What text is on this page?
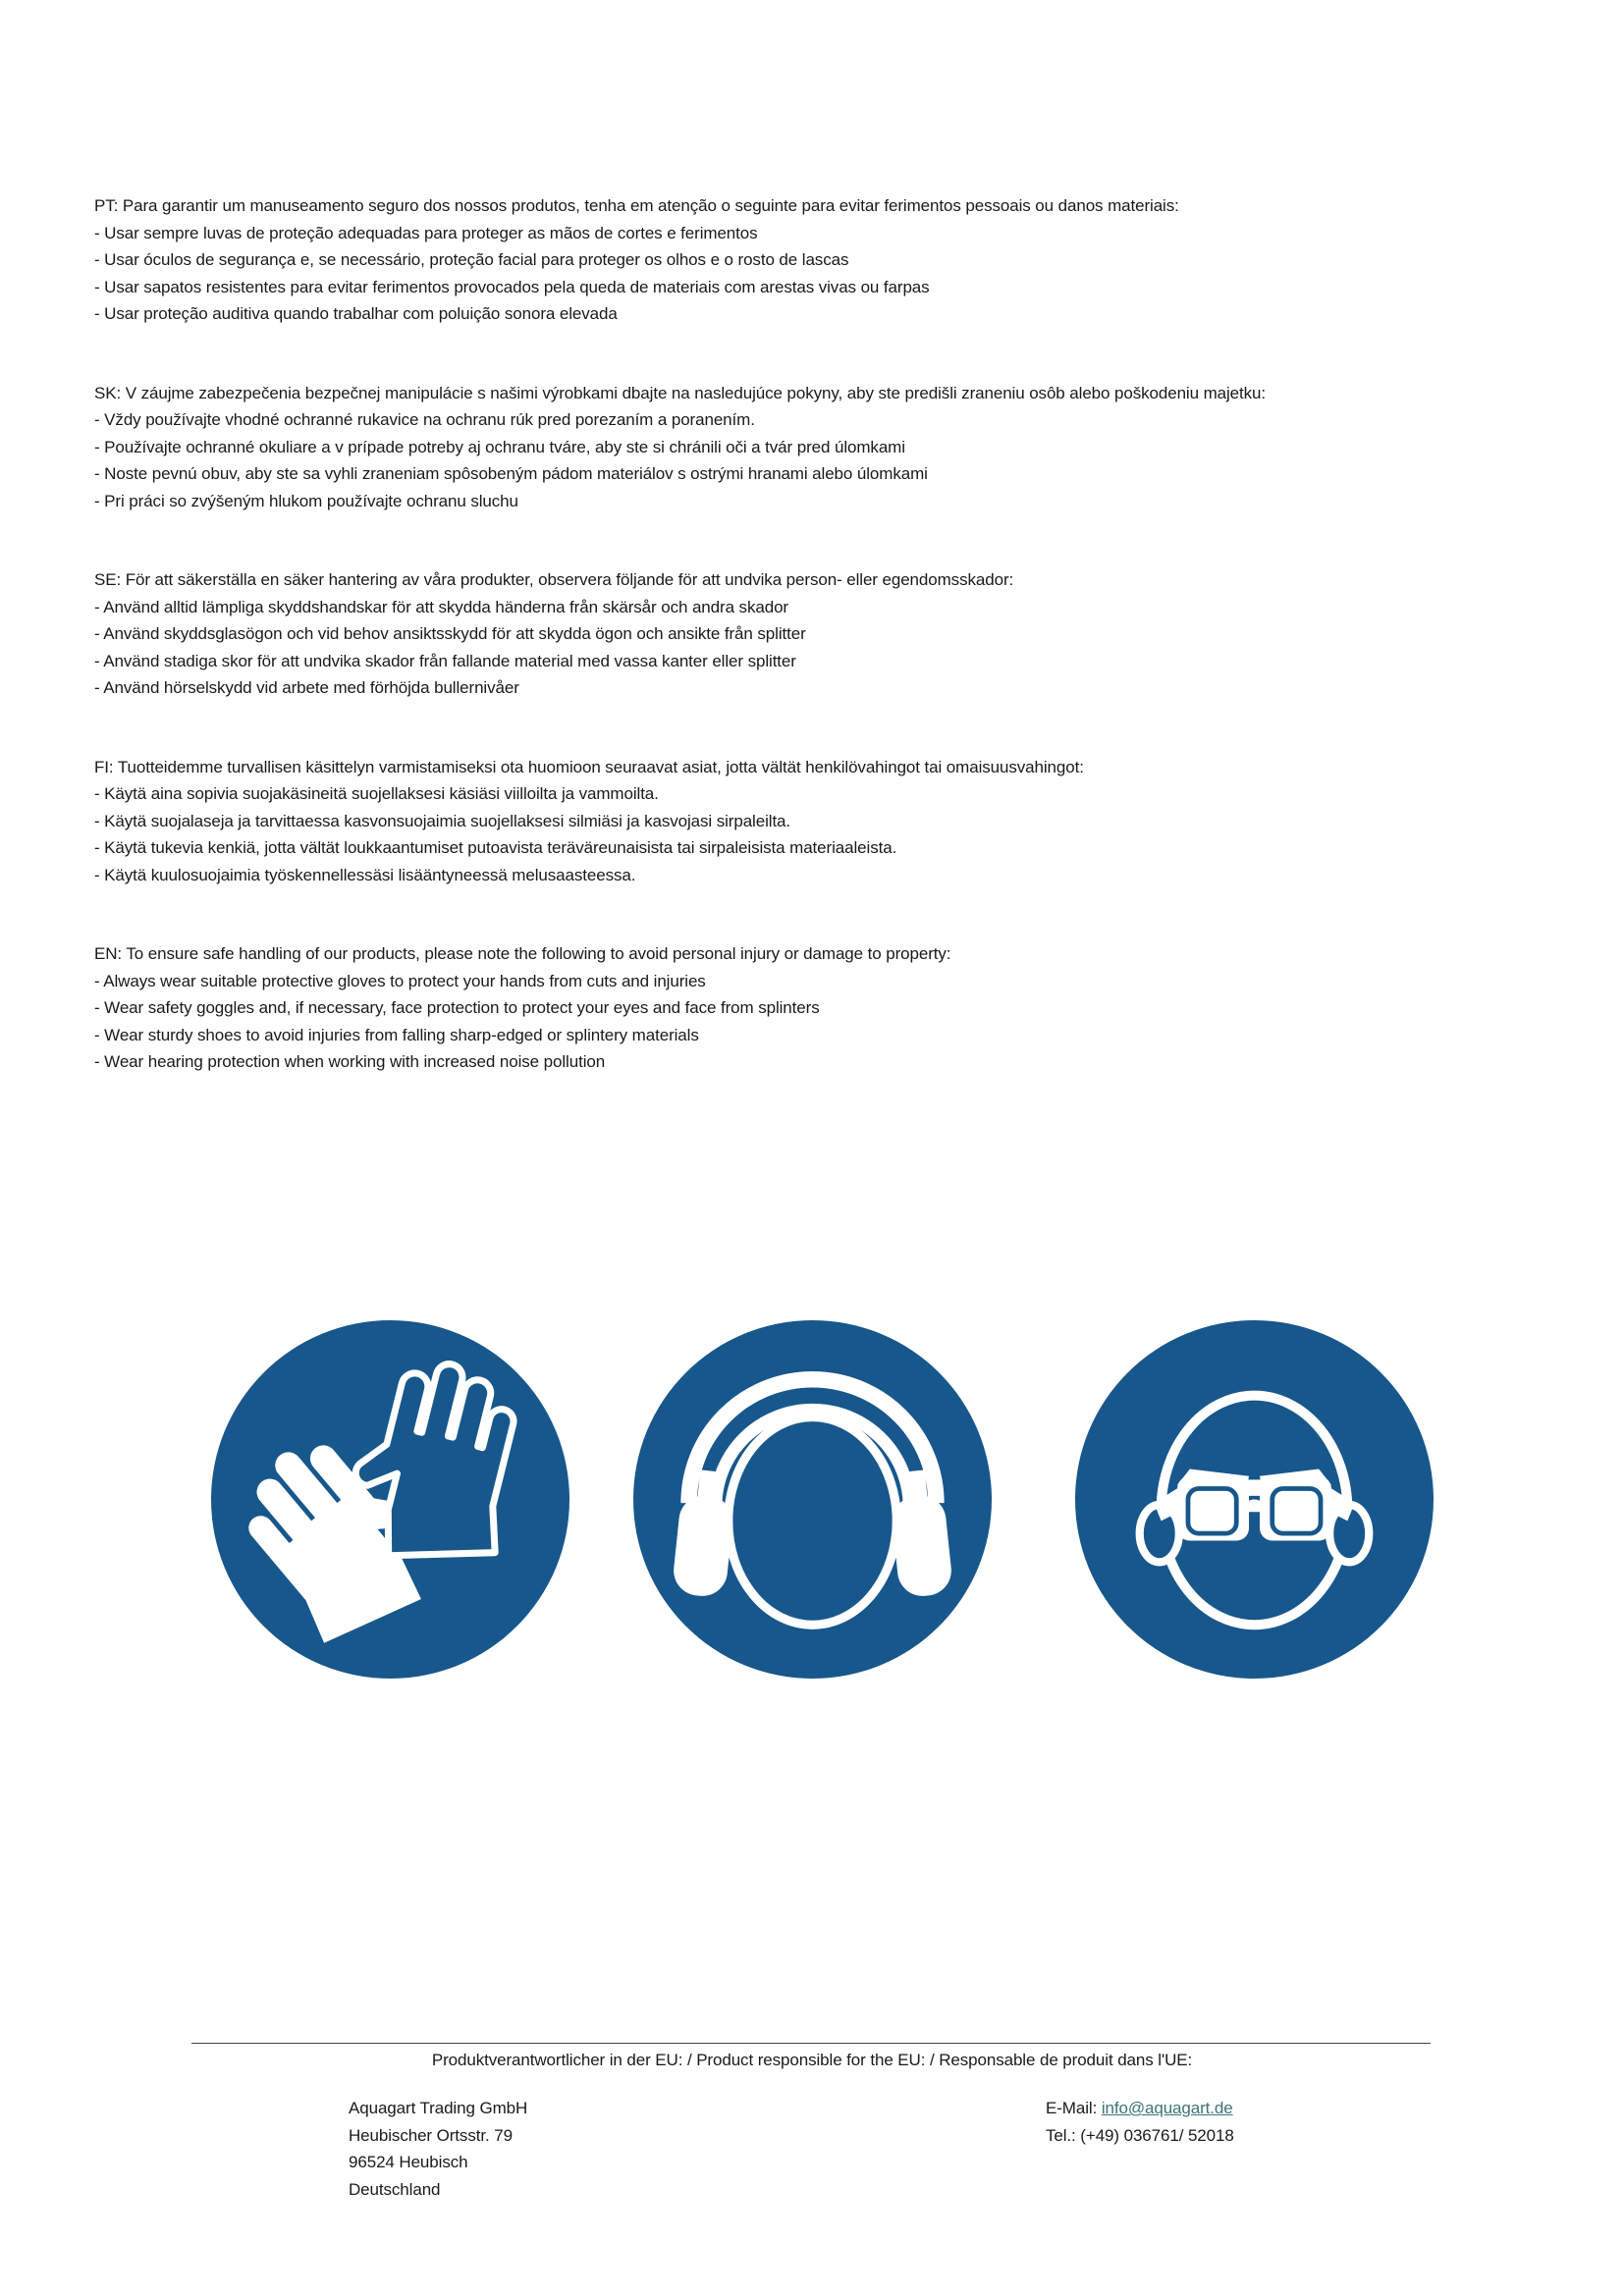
PT: Para garantir um manuseamento seguro dos nossos produtos, tenha em atenção o seguinte para evitar ferimentos pessoais ou danos materiais:

- Usar sempre luvas de proteção adequadas para proteger as mãos de cortes e ferimentos

- Usar óculos de segurança e, se necessário, proteção facial para proteger os olhos e o rosto de lascas

- Usar sapatos resistentes para evitar ferimentos provocados pela queda de materiais com arestas vivas ou farpas

- Usar proteção auditiva quando trabalhar com poluição sonora elevada

SK: V záujme zabezpečenia bezpečnej manipulácie s našimi výrobkami dbajte na nasledujúce pokyny, aby ste predišli zraneniu osôb alebo poškodeniu majetku:

- Vždy používajte vhodné ochranné rukavice na ochranu rúk pred porezaním a poranením.

- Používajte ochranné okuliare a v prípade potreby aj ochranu tváre, aby ste si chránili oči a tvár pred úlomkami

- Noste pevnú obuv, aby ste sa vyhli zraneniam spôsobeným pádom materiálov s ostrými hranami alebo úlomkami

- Pri práci so zvýšeným hlukom používajte ochranu sluchu

SE: För att säkerställa en säker hantering av våra produkter, observera följande för att undvika person- eller egendomsskador:

- Använd alltid lämpliga skyddshandskar för att skydda händerna från skärsår och andra skador

- Använd skyddsglasögon och vid behov ansiktsskydd för att skydda ögon och ansikte från splitter

- Använd stadiga skor för att undvika skador från fallande material med vassa kanter eller splitter

- Använd hörselskydd vid arbete med förhöjda bullernivåer

FI: Tuotteidemme turvallisen käsittelyn varmistamiseksi ota huomioon seuraavat asiat, jotta vältät henkilövahingot tai omaisuusvahingot:

- Käytä aina sopivia suojakäsineitä suojellaksesi käsiäsi viilloilta ja vammoilta.

- Käytä suojalaseja ja tarvittaessa kasvonsuojaimia suojellaksesi silmiäsi ja kasvojasi sirpaleilta.

- Käytä tukevia kenkiä, jotta vältät loukkaantumiset putoavista teräväreunaisista tai sirpaleisista materiaaleista.

- Käytä kuulosuojaimia työskennellessäsi lisääntyneessä melusaasteessa.

EN: To ensure safe handling of our products, please note the following to avoid personal injury or damage to property:

- Always wear suitable protective gloves to protect your hands from cuts and injuries

- Wear safety goggles and, if necessary, face protection to protect your eyes and face from splinters

- Wear sturdy shoes to avoid injuries from falling sharp-edged or splintery materials

- Wear hearing protection when working with increased noise pollution

Produktverantwortlicher in der EU: / Product responsible for the EU: / Responsable de produit dans l'UE:

Aquagart Trading GmbH

Heubischer Ortsstr. 79

96524 Heubisch

Deutschland

E-Mail: info@aquagart.de

Tel.: (+49) 036761/ 52018
